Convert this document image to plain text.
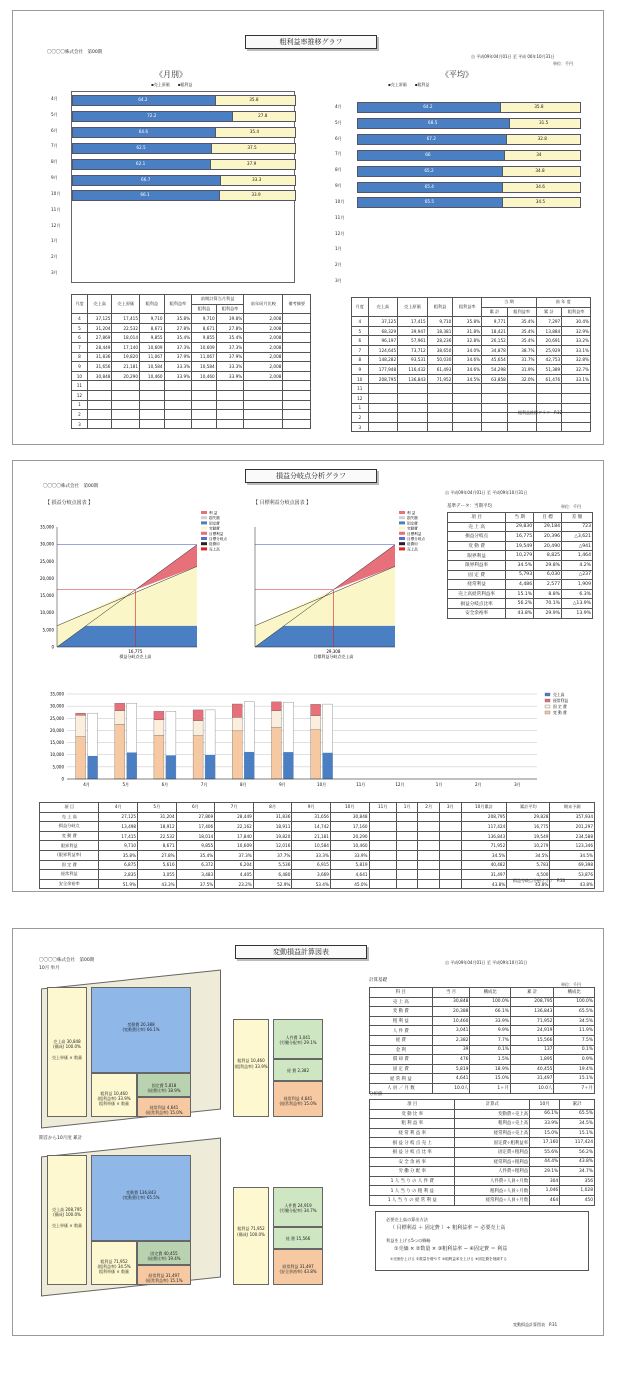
粗利益率推移グラフ
〇〇〇〇株式会社　 第00期
自 平成09年04月01日 至 平成 00年10月31日
単位：千円
《月別》	《平均》
▪売上原価　　▪粗利益	▪売上原価　　▪粗利益
64.2	35.8
72.2	27.8
64.6	35.4
62.5	37.5
62.1	37.9
66.7	33.3
66.1	33.9
4月
5月
6月
7月
8月
9月
10月
11月
12月
1月
2月
3月
64.2	35.8
68.5	31.5
67.2	32.8
66	34
65.2	34.8
65.4	34.6
65.5	34.5
4月
5月
6月
7月
8月
9月
10月
11月
12月
1月
2月
3月
月度	売上高	売上原価	粗利益	粗利益率	前期計算当月利益		前年同月比較	備考摘要
					粗利益	粗利益率		
4	37,125	17,415	9,710	35.8%	9,710	39.8%	2,008	
5	31,204	22,532	8,671	27.8%	8,671	27.8%	2,008	
6	27,869	18,014	9,855	35.4%	9,855	35.4%	2,008	
7	28,449	17,140	10,609	37.3%	10,609	37.3%	2,008	
8	31,836	19,820	11,067	37.9%	11,067	37.9%	2,008	
9	31,656	21,181	10,584	33.3%	10,584	33.3%	2,008	
10	30,848	20,290	10,460	33.9%	10,460	33.9%	2,008	
11								
12								
1								
2								
3								
月度	売上高	売上原価	粗利益	粗利益率	当 期		前 年 度	
					累 計	粗利益率	累 計	粗利益率
4	37,125	17,415	9,710	35.8%	9,771	35.4%	7,297	30.4%
5	68,329	39,947	18,381	31.8%	18,421	35.4%	13,884	32.9%
6	96,197	57,961	28,236	32.8%	26,152	35.4%	20,691	33.2%
7	124,645	73,712	38,650	34.0%	34,878	38.7%	25,929	33.1%
8	148,282	93,531	50,030	34.6%	45,654	31.7%	42,753	32.8%
9	177,948	116,432	61,493	34.6%	54,298	31.9%	51,389	32.7%
10	208,795	136,843	71,952	34.5%	63,858	32.0%	61,476	33.1%
11								
12								
1								
2								
3								
粗利益推移グラフ　P.32
損益分岐点分析グラフ
〇〇〇〇株式会社　 第00期
自 平成09年04月01日 至 平成09年10月31日
【 損益分岐点図表 】	【 目標利益分岐点図表 】
35,000
30,000
25,000
20,000
15,000
10,000
5,000
0
16,775
損益分岐点売上高
利 益
損失額
固定費
変動費
目標利益
目標分岐点
総費用
売上高
29,308
目標利益分岐点売上高
利 益
損失額
固定費
変動費
目標利益
目標分岐点
総費用
売上高
基準データ：当期平均	単位：千円
項 目	当 期	目 標	差 額
売 上 高	29,830	29,184	723
損益分岐点	16,775	20,396	△3,621
変 動 費	19,549	20,490	△941
限界利益	10,279	8,825	1,464
限界利益率	34.5%	29.8%	4.2%
固 定 費	5,793	6,030	△237
経常利益	4,486	2,577	1,909
売上高経常利益率	15.1%	8.8%	6.3%
損益分岐点比率	56.2%	70.1%	△13.9%
安全余裕率	43.8%	29.9%	13.9%
35,000
30,000
25,000
20,000
15,000
10,000
5,000
0
4月	5月	6月	7月	8月	9月	10月	11月	12月	1月	2月	3月
売上高
経常利益
固 定 費
変 動 費
項 目	4月	5月	6月	7月	8月	9月	10月	11月	1月	2月	3月	10月累計	累計平均	期末予測
売 上 高	27,125	31,204	27,869	28,449	31,836	31,656	30,848					208,795	29,828	357,934
損益分岐点	13,498	18,912	17,406	22,162	18,911	14,742	17,160					117,424	16,775	201,297
変 動 費	17,415	22,532	18,014	17,840	19,820	21,181	20,290					136,843	19,549	234,588
限界利益	9,710	8,671	9,855	10,609	12,016	10,584	10,460					71,952	10,279	123,346
(限界利益率)	35.8%	27.8%	35.4%	37.3%	37.7%	33.3%	33.9%					34.5%	34.5%	34.5%
固 定 費	6,875	5,616	6,372	6,204	5,536	6,915	5,819					40,482	5,783	69,398
経常利益	2,835	3,055	3,483	4,405	6,480	3,669	4,641					31,497	4,500	53,876
安全余裕率	51.9%	43.3%	37.5%	23.2%	52.9%	53.4%	45.0%					43.8%	43.8%	43.8%
損益分岐点分析グラフ　P.30
変動損益計算図表
〇〇〇〇株式会社　 第00期
10月 単月
自 平成09年04月01日 至 平成09年10月31日
売上高 30,848
(構成) 100.0%

売上単価 × 数量
変動費 20,388
(変動費比率) 66.1%
粗利益 10,460
(粗利益率) 33.9%
粗利単価 × 数量
固定費 5,818
(経費比率) 18.9%
経常利益 4,641
(経常利益率) 15.0%
粗利益 10,460
(粗利益率) 33.9%
人件費 3,041
(労働分配率) 29.1%
経 費 2,382
経常利益 4,641
(経常利益率) 15.0%
期首から10月度 累計
売上高 208,795
(構成) 100.0%

売上単価 × 数量
変動費 136,843
(変動費比率) 65.5%
粗利益 71,952
(粗利益率) 34.5%
粗利単価 × 数量
固定費 40,455
(経費比率) 19.4%
経常利益 31,497
(経常利益率) 15.1%
粗利益 71,952
(構成) 100.0%
人件費 24,919
(労働分配率) 34.7%
経 費 15,566
経常利益 31,497
(安全余裕率) 43.8%
計算基礎
単位：千円
科 目	当 月	構成比	累 計	構成比
売 上 高	30,848	100.0%	208,795	100.0%
変 動 費	20,388	66.1%	136,843	65.5%
粗 利 益	10,460	33.9%	71,952	34.5%
人 件 費	3,041	9.9%	24,919	11.9%
経 費	2,382	7.7%	15,566	7.5%
金 利	39	0.1%	137	0.1%
償 却 費	476	1.5%	1,895	0.9%
固 定 費	5,819	18.9%	40,455	19.4%
経 常 利 益	4,641	15.0%	31,497	15.1%
人 員 ／ 月 数	10.0人	1ヶ月	10.0人	7ヶ月
分析値
項 目	計算式	10月	累計
変 動 比 率	変動費÷売上高	66.1%	65.5%
粗 利 益 率	粗利益÷売上高	33.9%	34.5%
経 常 利 益 率	経常利益÷売上高	15.0%	15.1%
損 益 分 岐 点 売 上	固定費÷粗利益率	17,160	117,424
損 益 分 岐 点 比 率	固定費÷粗利益	55.6%	56.2%
安 全 余 裕 率	経常利益÷粗利益	44.4%	43.8%
労 働 分 配 率	人件費÷粗利益	29.1%	34.7%
1 人 当 り の 人 件 費	人件費÷人員÷月数	304	356
1 人 当 り の 粗 利 益	粗利益÷人員÷月数	1,046	1,028
1 人 当 り の 経 常 利 益	経常利益÷人員÷月数	464	450
必要売上高の算出方法
（ 目標利益 ＋ 固定費 ）÷ 粗利益率 ＝ 必要売上高
利益を上げる5つの戦略
①売価 × ②数量 × ③粗利益率 − ④固定費 ＝ 利益
①売価を上げる ②数量を増やす ③粗利益率を上げる ④固定費を削減する
変動損益計算図表　P.31
